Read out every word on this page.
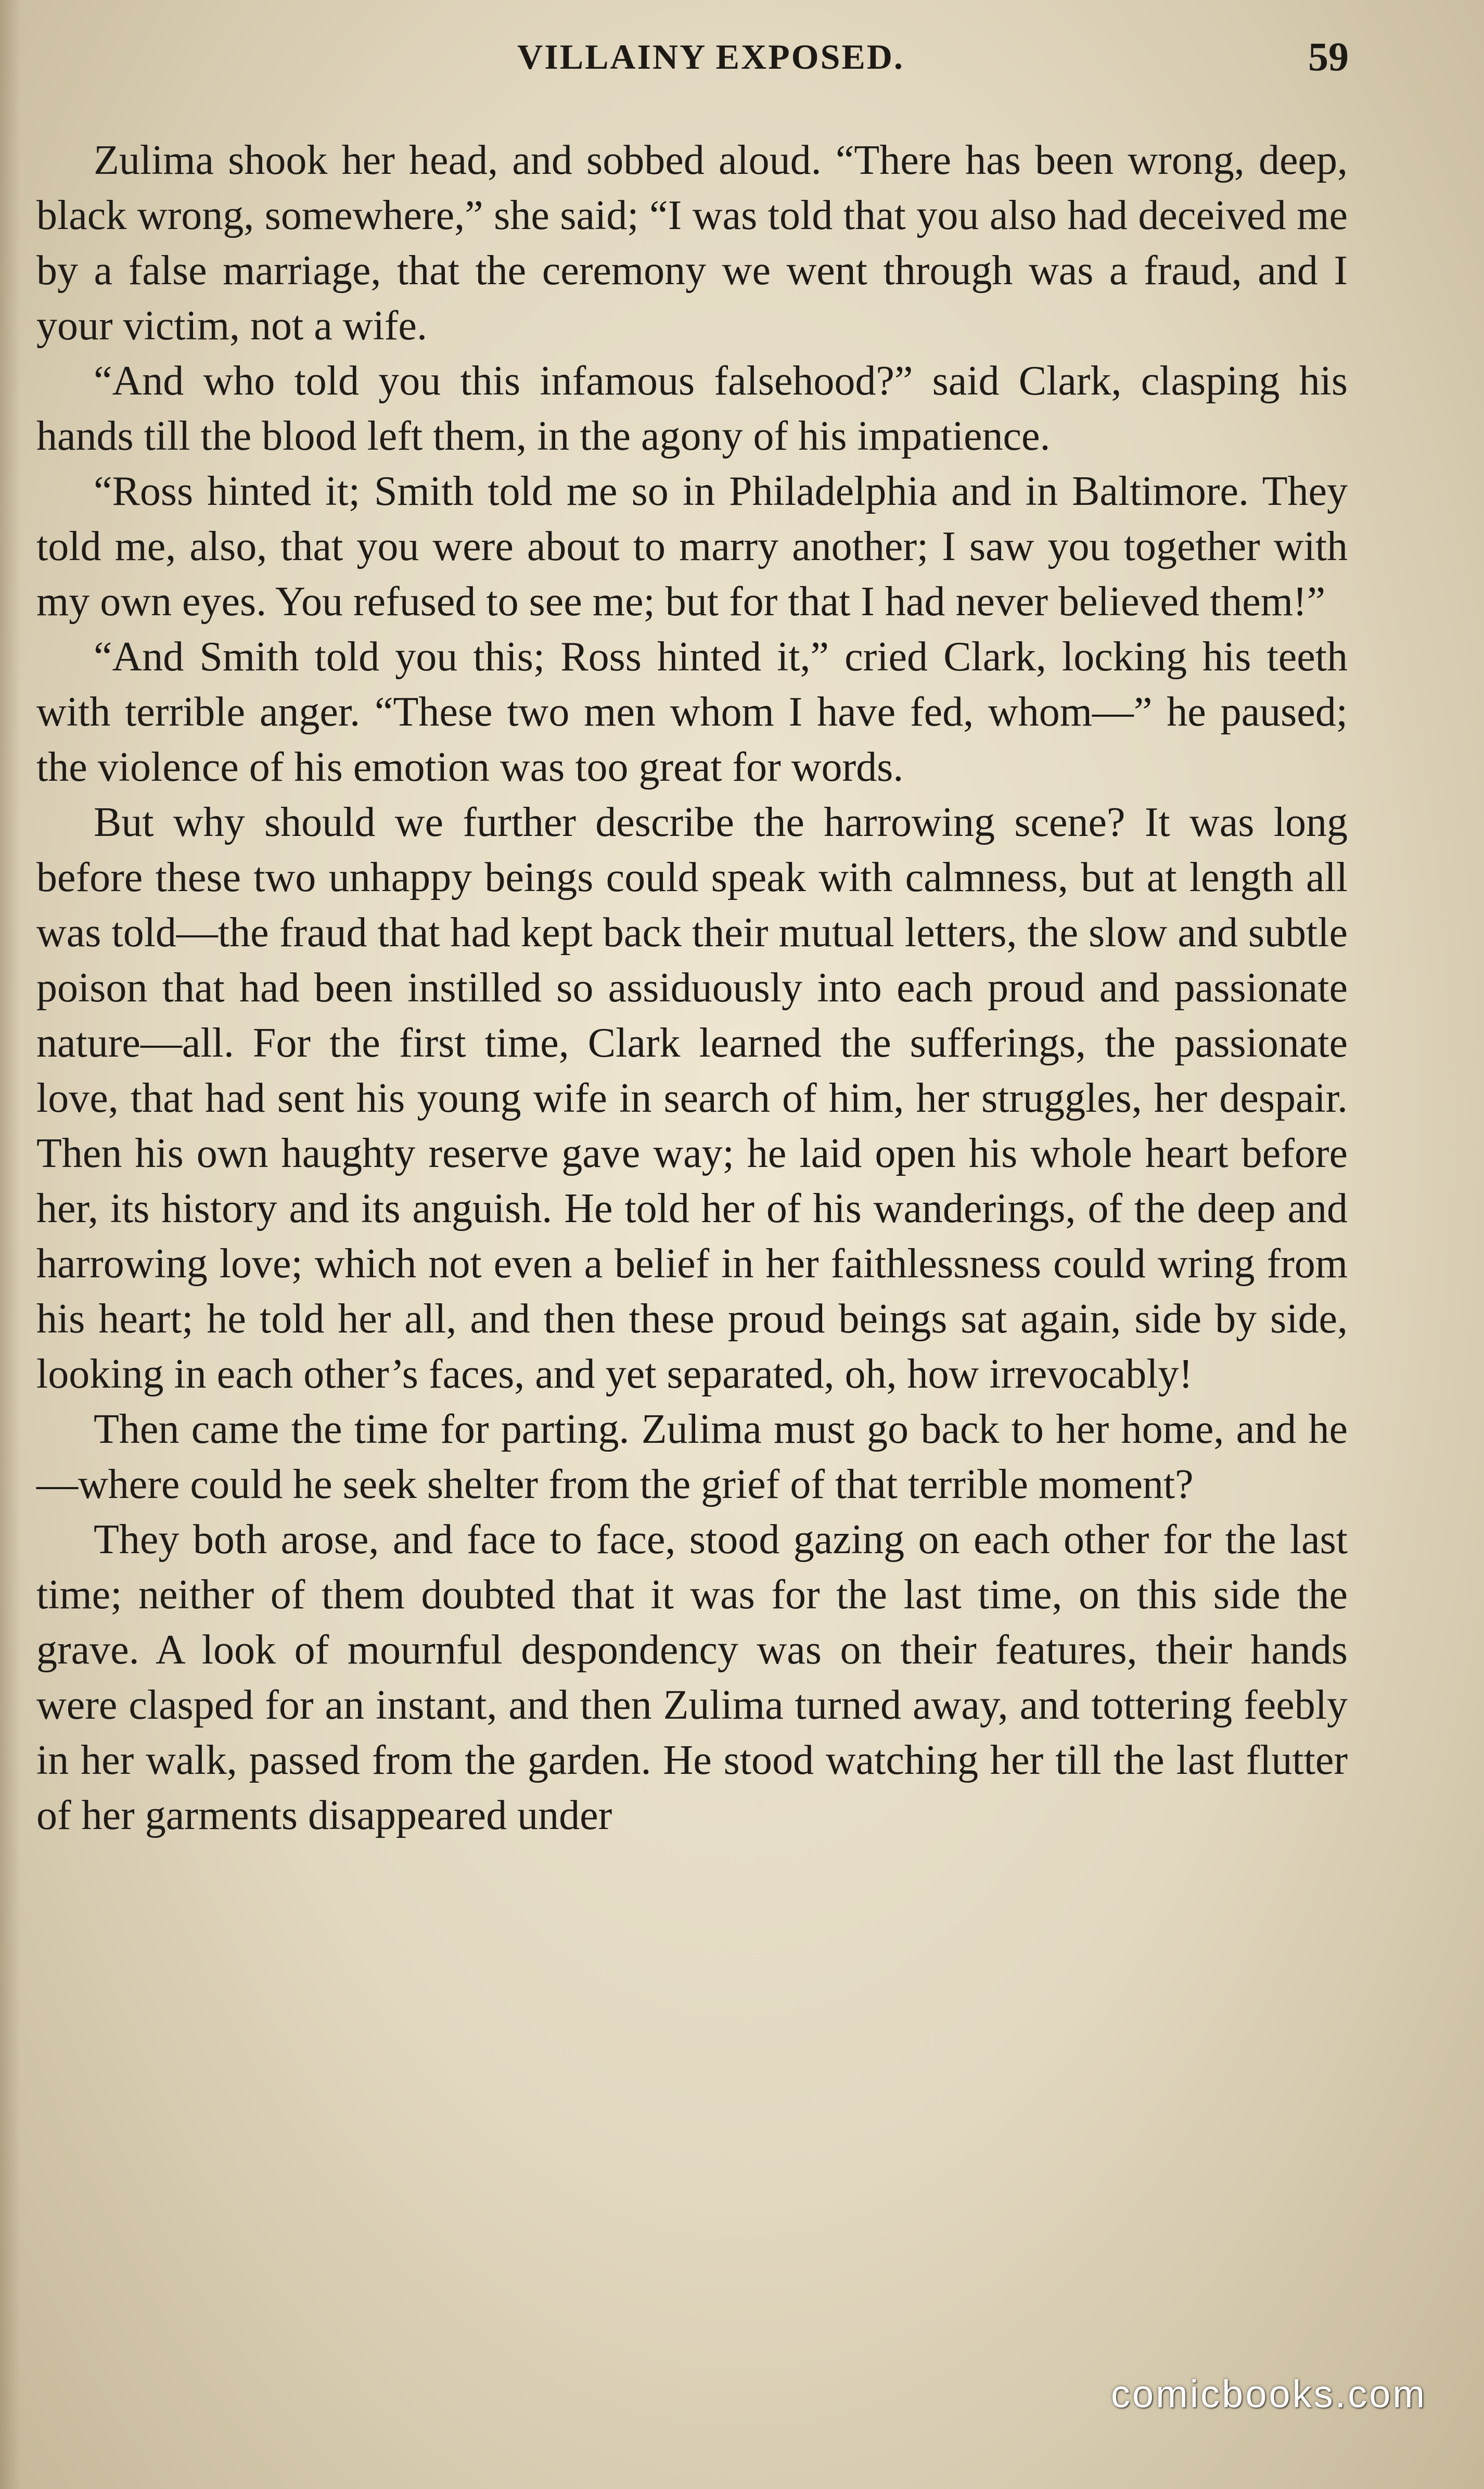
VILLAINY EXPOSED.	59

Zulima shook her head, and sobbed aloud. “There has been wrong, deep, black wrong, somewhere,” she said; “I was told that you also had deceived me by a false marriage, that the ceremony we went through was a fraud, and I your victim, not a wife.

“And who told you this infamous falsehood?” said Clark, clasping his hands till the blood left them, in the agony of his impatience.

“Ross hinted it; Smith told me so in Philadelphia and in Baltimore. They told me, also, that you were about to marry another; I saw you together with my own eyes. You refused to see me; but for that I had never believed them!”

“And Smith told you this; Ross hinted it,” cried Clark, locking his teeth with terrible anger. “These two men whom I have fed, whom—” he paused; the violence of his emotion was too great for words.

But why should we further describe the harrowing scene? It was long before these two unhappy beings could speak with calmness, but at length all was told—the fraud that had kept back their mutual letters, the slow and subtle poison that had been instilled so assiduously into each proud and passionate nature—all. For the first time, Clark learned the sufferings, the passionate love, that had sent his young wife in search of him, her struggles, her despair. Then his own haughty reserve gave way; he laid open his whole heart before her, its history and its anguish. He told her of his wanderings, of the deep and harrowing love; which not even a belief in her faithlessness could wring from his heart; he told her all, and then these proud beings sat again, side by side, looking in each other’s faces, and yet separated, oh, how irrevocably!

Then came the time for parting. Zulima must go back to her home, and he—where could he seek shelter from the grief of that terrible moment?

They both arose, and face to face, stood gazing on each other for the last time; neither of them doubted that it was for the last time, on this side the grave. A look of mournful despondency was on their features, their hands were clasped for an instant, and then Zulima turned away, and tottering feebly in her walk, passed from the garden. He stood watching her till the last flutter of her garments disappeared under

comicbooks.com
